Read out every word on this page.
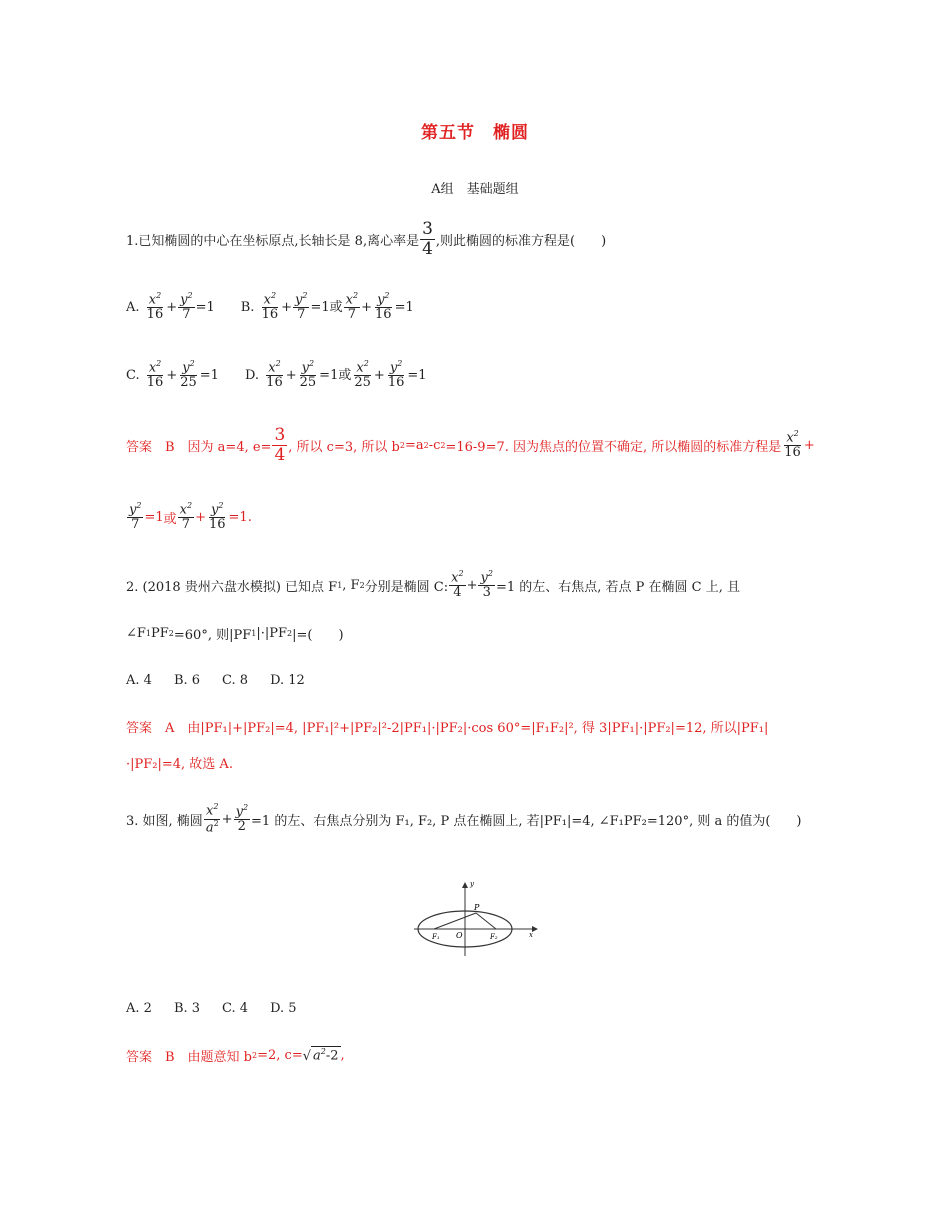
第五节　椭圆
A组　基础题组
1.已知椭圆的中心在坐标原点,长轴长是 8,离心率是 $\frac{3}{4}$ ,则此椭圆的标准方程是(　　)
A. $\frac{x^2}{16} + \frac{y^2}{7} =1$ B. $\frac{x^2}{16} + \frac{y^2}{7} =1$或 $\frac{x^2}{7} + \frac{y^2}{16} =1$
C. $\frac{x^2}{16} + \frac{y^2}{25} =1$ D. $\frac{x^2}{16} + \frac{y^2}{25} =1$或 $\frac{x^2}{25} + \frac{y^2}{16} =1$
答案　B　因为 a=4, $e= \frac{3}{4}$ , 所以 c=3, 所以 b 2 =a 2 -c 2 =16-9=7. 因为焦点的位置不确定, 所以椭圆的标准方程是 $\frac{x^2}{16}$ +
$\frac{y^2}{7} =1$ 或 $\frac{x^2}{7} + \frac{y^2}{16} =1$.
2. (2018 贵州六盘水模拟) 已知点 F 1 , F 2 分别是椭圆 C: $\frac{x^2}{4} + \frac{y^2}{3} =1$ 的左、右焦点, 若点 P 在椭圆 C 上, 且
∠F 1 PF 2 =60°, 则|PF 1 |·|PF 2 |=(　　)
A. 4 B. 6 C. 8 D. 12
答案　A　由|PF₁|+|PF₂|=4, |PF₁|²+|PF₂|²-2|PF₁|·|PF₂|·cos 60°=|F₁F₂|², 得 3|PF₁|·|PF₂|=12, 所以|PF₁|
·|PF₂|=4, 故选 A.
3. 如图, 椭圆 $\frac{x^2}{a^2} + \frac{y^2}{2} =1$ 的左、右焦点分别为 F₁, F₂, P 点在椭圆上, 若|PF₁|=4, ∠F₁PF₂=120°, 则 a 的值为(　　)
y
x
P
O
F₁	F₂
A. 2 B. 3 C. 4 D. 5
答案　B　由题意知 b 2 =2, c= √ $a^2-2$ ,
